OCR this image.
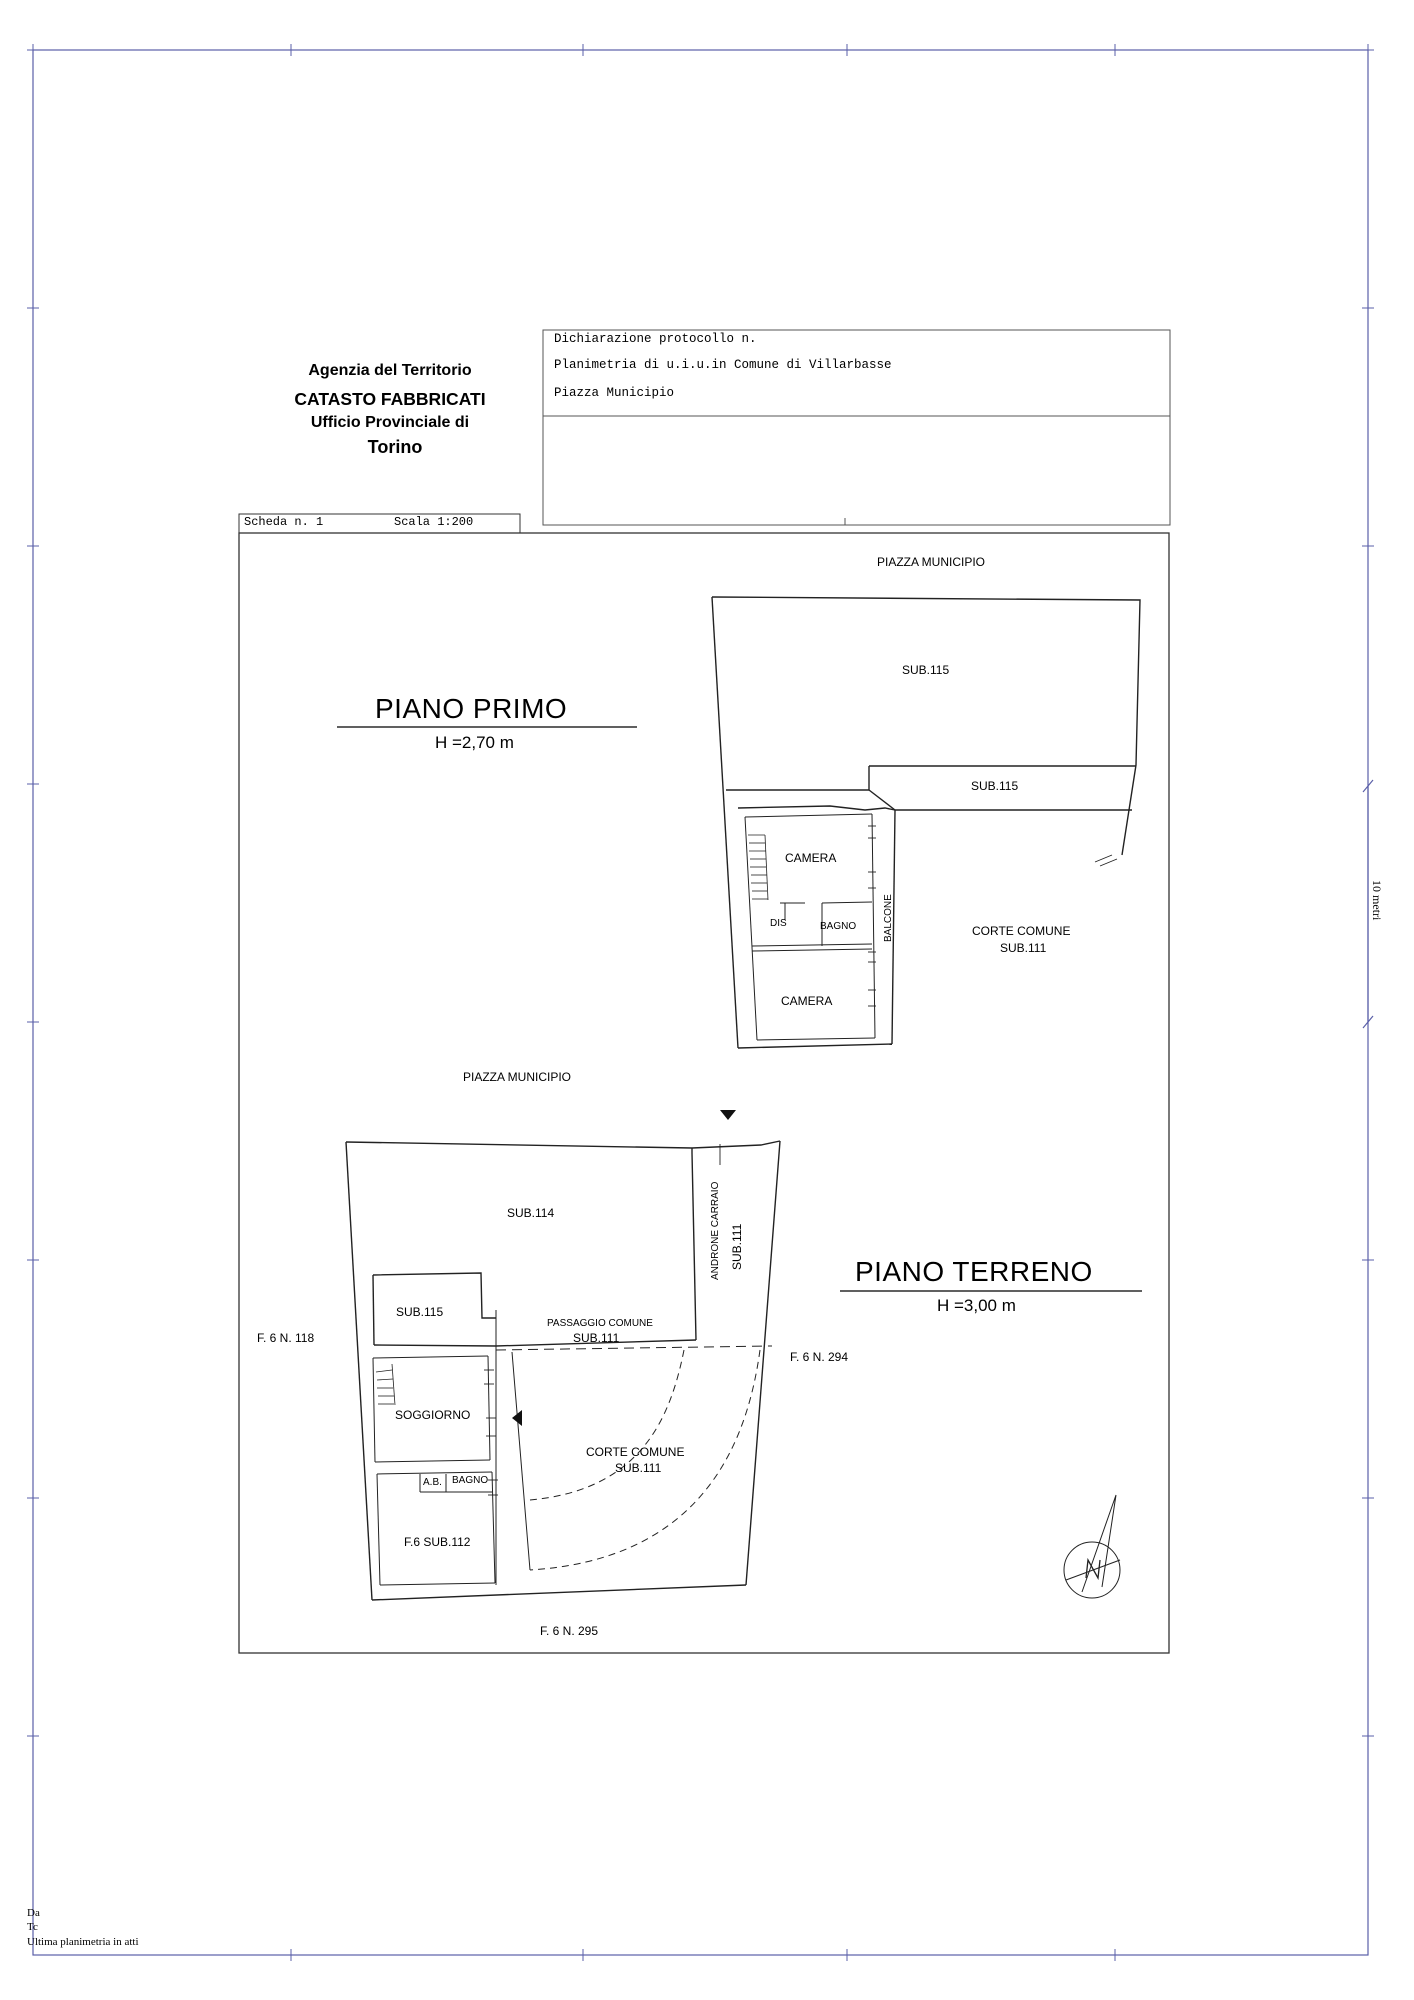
Agenzia del Territorio
CATASTO FABBRICATI
Ufficio Provinciale di
Torino
Dichiarazione protocollo n.
Planimetria di u.i.u.in Comune di Villarbasse
Piazza Municipio
Scheda n. 1	Scala 1:200
10 metri
PIAZZA MUNICIPIO
PIANO PRIMO
H =2,70 m
SUB.115
SUB.115
CAMERA
DIS	BAGNO	BALCONE
CAMERA
CORTE COMUNE
SUB.111
PIAZZA MUNICIPIO
SUB.114	ANDRONE CARRAIO SUB.111
PIANO TERRENO
H =3,00 m
SUB.115
PASSAGGIO COMUNE
SUB.111
F. 6 N. 118
F. 6 N. 294
SOGGIORNO
CORTE COMUNE
SUB.111
A.B. BAGNO
F.6 SUB.112
F. 6 N. 295
Da
Tc
Ultima planimetria in atti
